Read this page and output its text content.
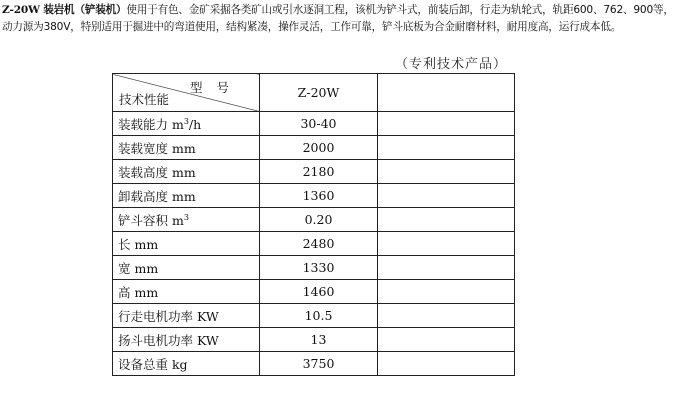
Z-20W 装岩机（铲装机）使用于有色、金矿采掘各类矿山或引水逐洞工程，该机为铲斗式，前装后卸，行走为轨轮式，轨距600、762、900等，动力源为380V，特别适用于掘进中的弯道使用，结构紧凑，操作灵活，工作可靠，铲斗底板为合金耐磨材料，耐用度高，运行成本低。
（专利技术产品）
型号
技术性能	Z-20W	
装载能力 $m^3/h$	30-40	
装载宽度 mm	2000	
装载高度 mm	2180	
卸载高度 mm	1360	
铲斗容积 $m^3$	0.20	
长 mm	2480	
宽 mm	1330	
高 mm	1460	
行走电机功率 KW	10.5	
扬斗电机功率 KW	13	
设备总重 kg	3750	
